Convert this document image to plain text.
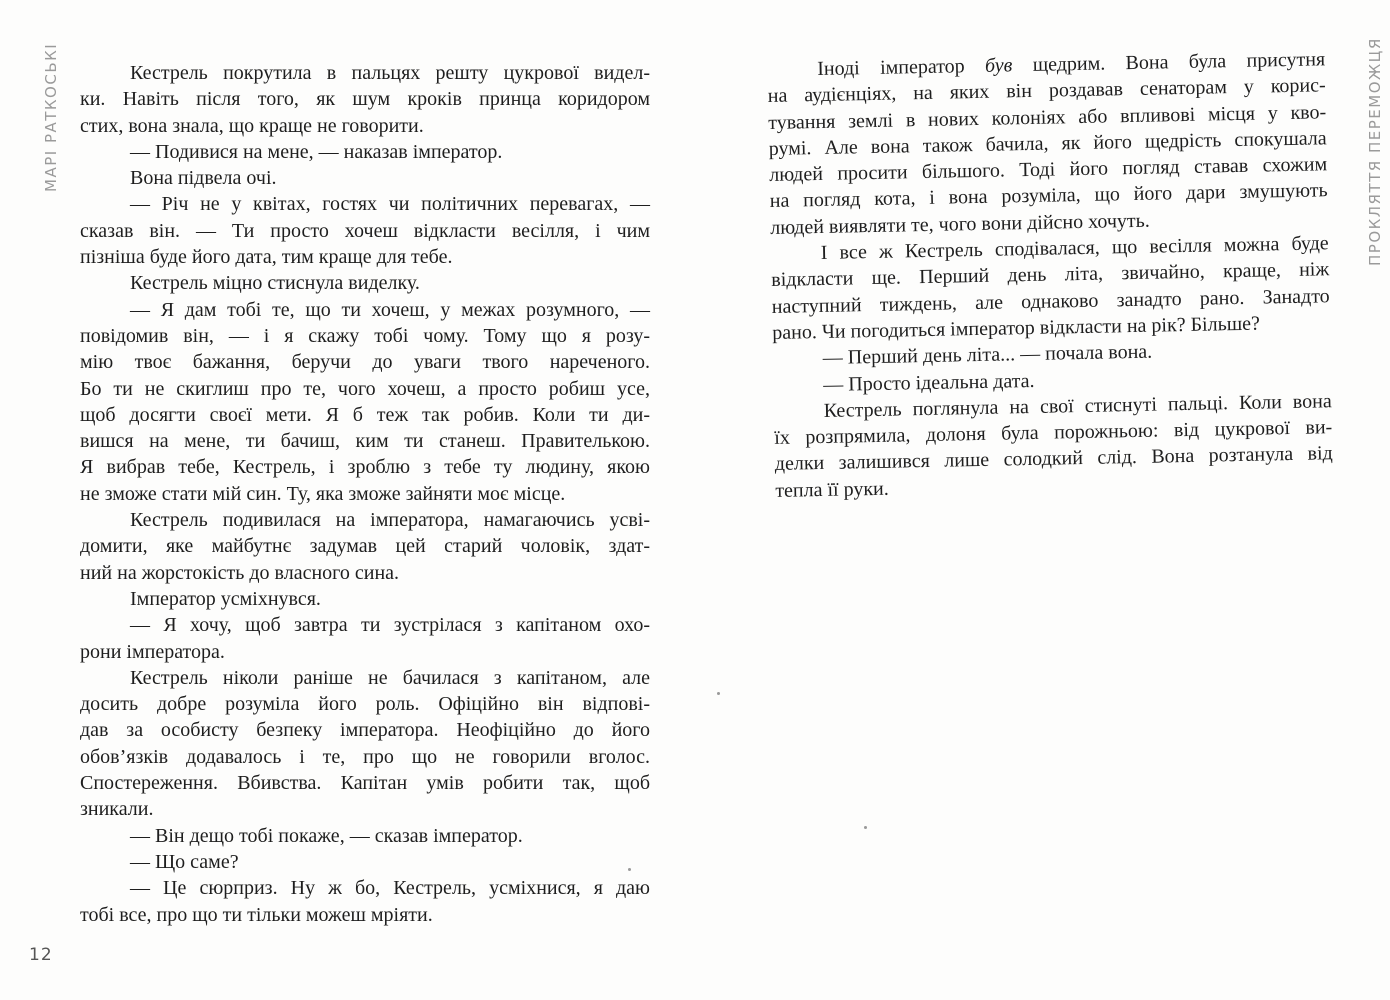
МАРІ РАТКОСЬКІ	Кестрель покрутила в пальцях решту цукрової видел-
ки. Навіть після того, як шум кроків принца коридором
стих, вона знала, що краще не говорити.
— Подивися на мене, — наказав імператор.
Вона підвела очі.
— Річ не у квітах, гостях чи політичних перевагах, —
сказав він. — Ти просто хочеш відкласти весілля, і чим
пізніша буде його дата, тим краще для тебе.
Кестрель міцно стиснула виделку.
— Я дам тобі те, що ти хочеш, у межах розумного, —
повідомив він, — і я скажу тобі чому. Тому що я розу-
мію твоє бажання, беручи до уваги твого нареченого.
Бо ти не скиглиш про те, чого хочеш, а просто робиш усе,
щоб досягти своєї мети. Я б теж так робив. Коли ти ди-
вишся на мене, ти бачиш, ким ти станеш. Правителькою.
Я вибрав тебе, Кестрель, і зроблю з тебе ту людину, якою
не зможе стати мій син. Ту, яка зможе зайняти моє місце.
Кестрель подивилася на імператора, намагаючись усві-
домити, яке майбутнє задумав цей старий чоловік, здат-
ний на жорстокість до власного сина.
Імператор усміхнувся.
— Я хочу, щоб завтра ти зустрілася з капітаном охо-
рони імператора.
Кестрель ніколи раніше не бачилася з капітаном, але
досить добре розуміла його роль. Офіційно він відпові-
дав за особисту безпеку імператора. Неофіційно до його
обов’язків додавалось і те, про що не говорили вголос.
Спостереження. Вбивства. Капітан умів робити так, щоб
зникали.
— Він дещо тобі покаже, — сказав імператор.
— Що саме?
— Це сюрприз. Ну ж бо, Кестрель, усміхнися, я даю
тобі все, про що ти тільки можеш мріяти.
12
Іноді імператор був щедрим. Вона була присутня
на аудієнціях, на яких він роздавав сенаторам у корис-
тування землі в нових колоніях або впливові місця у кво-
румі. Але вона також бачила, як його щедрість спокушала
людей просити більшого. Тоді його погляд ставав схожим
на погляд кота, і вона розуміла, що його дари змушують
людей виявляти те, чого вони дійсно хочуть.
І все ж Кестрель сподівалася, що весілля можна буде
відкласти ще. Перший день літа, звичайно, краще, ніж
наступний тиждень, але однаково занадто рано. Занадто
рано. Чи погодиться імператор відкласти на рік? Більше?
— Перший день літа... — почала вона.
— Просто ідеальна дата.
Кестрель поглянула на свої стиснуті пальці. Коли вона
їх розпрямила, долоня була порожньою: від цукрової ви-
делки залишився лише солодкий слід. Вона розтанула від
тепла її руки.
ПРОКЛЯТТЯ ПЕРЕМОЖЦЯ
